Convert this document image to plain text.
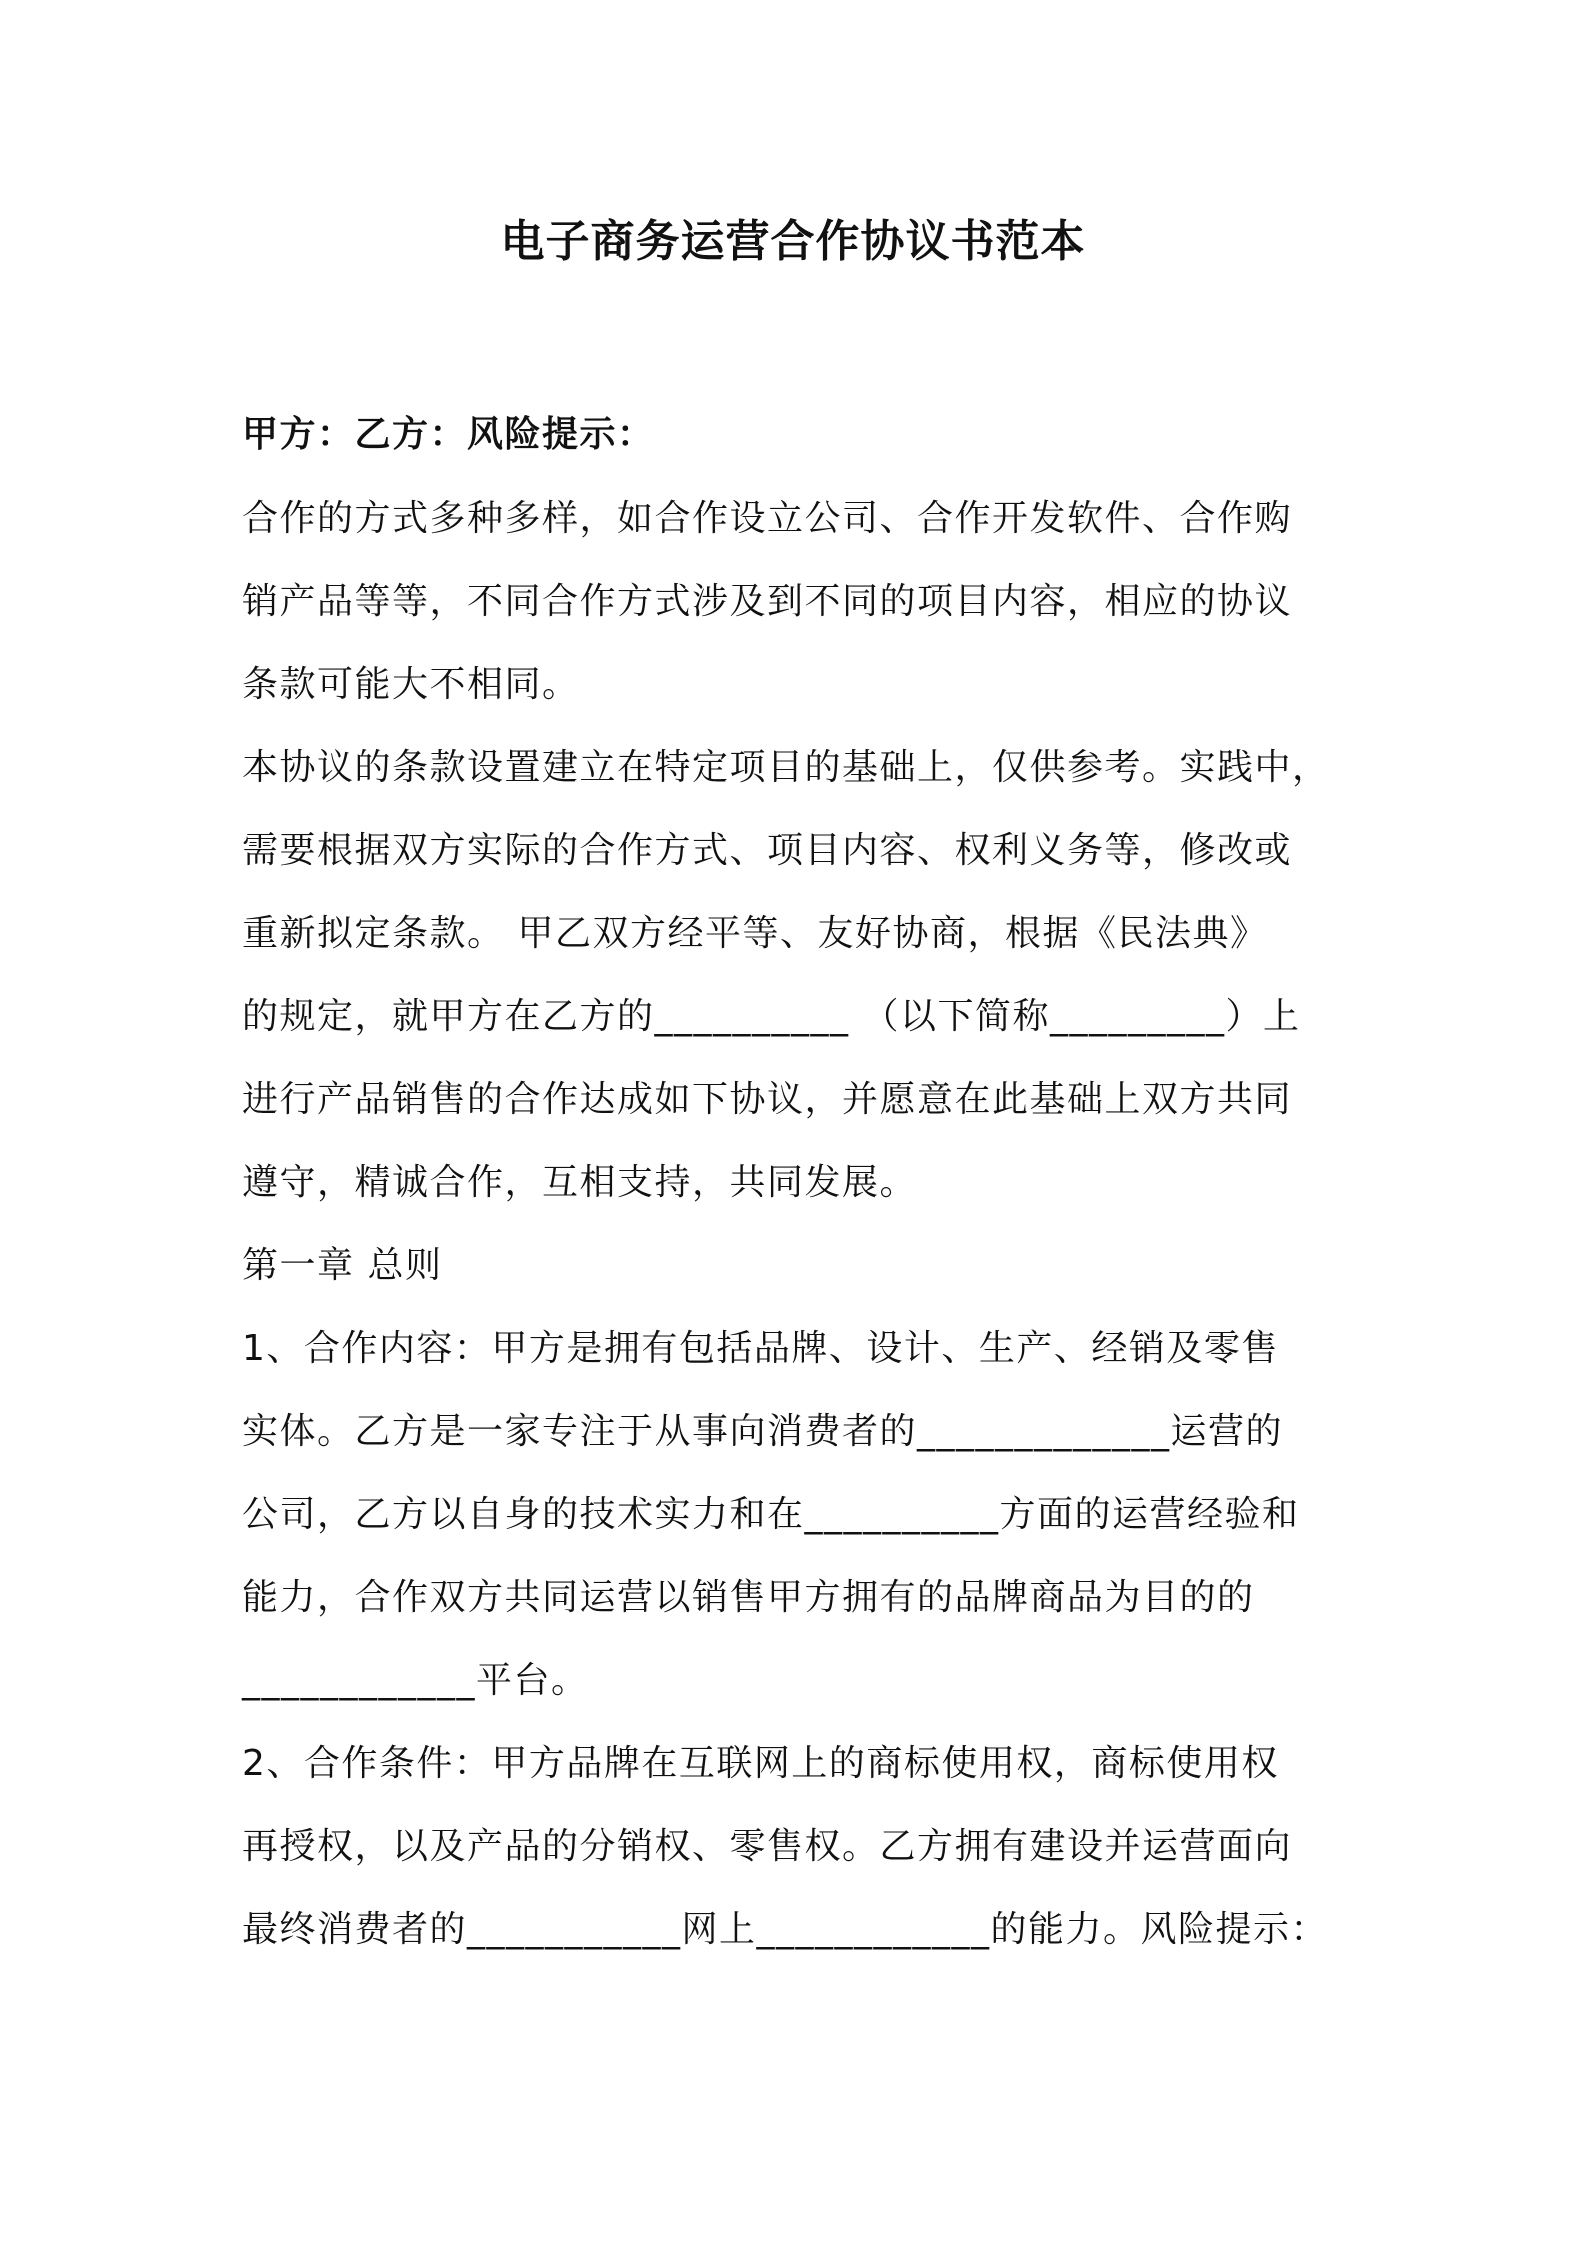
电子商务运营合作协议书范本
甲方：乙方：风险提示：
合作的方式多种多样，如合作设立公司、合作开发软件、合作购
销产品等等，不同合作方式涉及到不同的项目内容，相应的协议
条款可能大不相同。
本协议的条款设置建立在特定项目的基础上，仅供参考。实践中，
需要根据双方实际的合作方式、项目内容、权利义务等，修改或
重新拟定条款。 甲乙双方经平等、友好协商，根据《民法典》
的规定，就甲方在乙方的__________ （以下简称_________）上
进行产品销售的合作达成如下协议，并愿意在此基础上双方共同
遵守，精诚合作，互相支持，共同发展。
第一章 总则
1、合作内容：甲方是拥有包括品牌、设计、生产、经销及零售
实体。乙方是一家专注于从事向消费者的_____________运营的
公司，乙方以自身的技术实力和在__________方面的运营经验和
能力，合作双方共同运营以销售甲方拥有的品牌商品为目的的
____________平台。
2、合作条件：甲方品牌在互联网上的商标使用权，商标使用权
再授权，以及产品的分销权、零售权。乙方拥有建设并运营面向
最终消费者的___________网上____________的能力。风险提示：
